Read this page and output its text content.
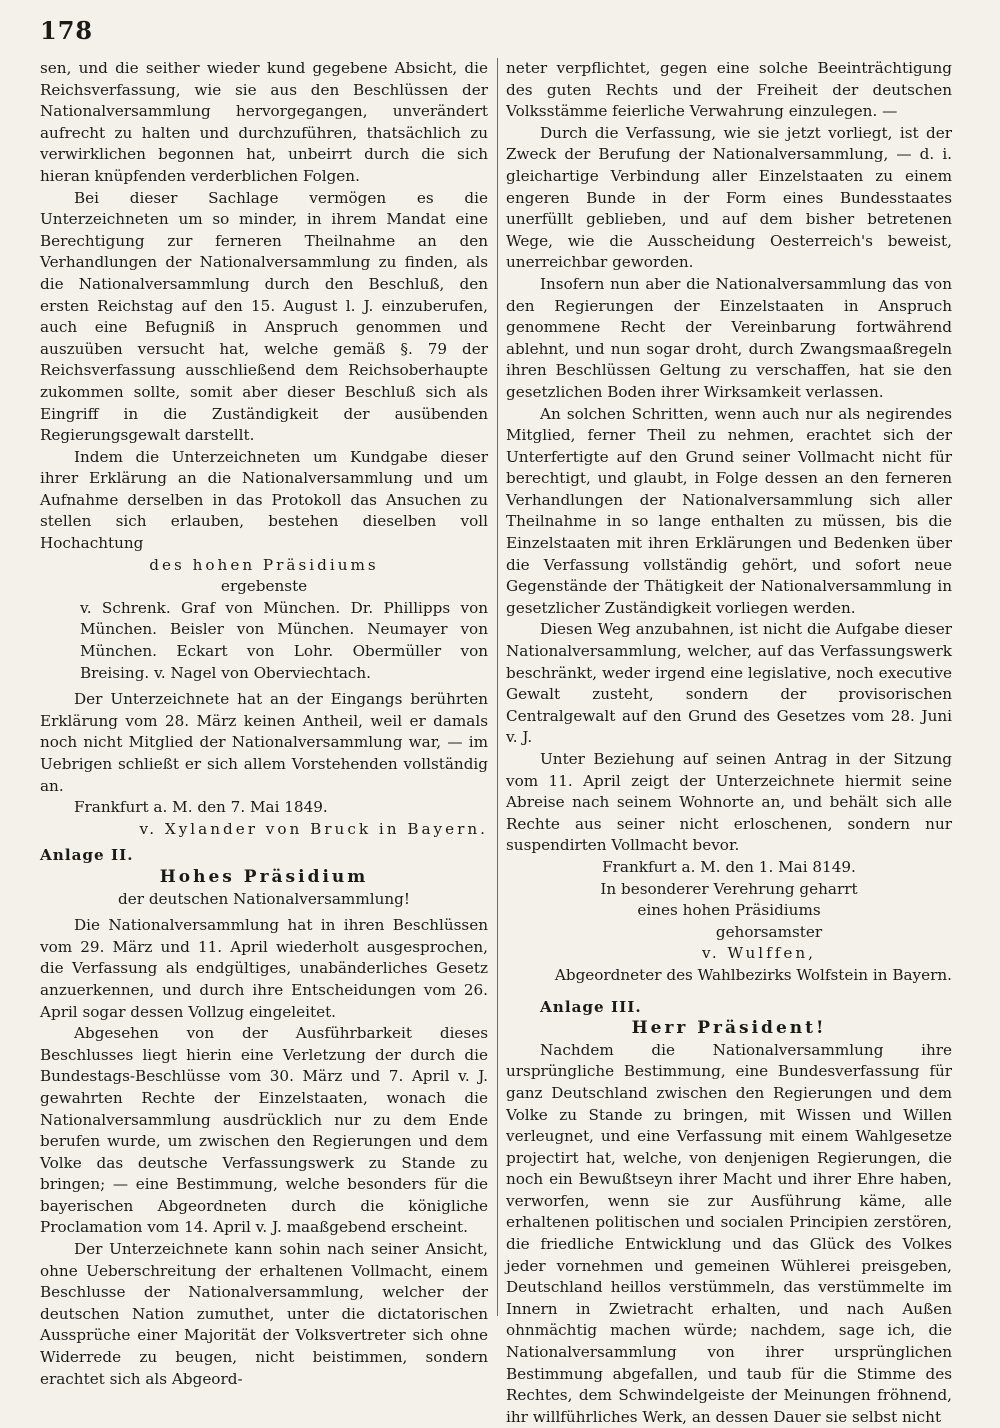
178

sen, und die seither wieder kund gegebene Absicht, die Reichsverfassung, wie sie aus den Beschlüssen der Nationalversammlung hervorgegangen, unverändert aufrecht zu halten und durchzuführen, thatsächlich zu verwirklichen begonnen hat, unbeirrt durch die sich hieran knüpfenden verderblichen Folgen.

Bei dieser Sachlage vermögen es die Unterzeichneten um so minder, in ihrem Mandat eine Berechtigung zur ferneren Theilnahme an den Verhandlungen der Nationalversammlung zu finden, als die Nationalversammlung durch den Beschluß, den ersten Reichstag auf den 15. August l. J. einzuberufen, auch eine Befugniß in Anspruch genommen und auszuüben versucht hat, welche gemäß §. 79 der Reichsverfassung ausschließend dem Reichsoberhaupte zukommen sollte, somit aber dieser Beschluß sich als Eingriff in die Zuständigkeit der ausübenden Regierungsgewalt darstellt.

Indem die Unterzeichneten um Kundgabe dieser ihrer Erklärung an die Nationalversammlung und um Aufnahme derselben in das Protokoll das Ansuchen zu stellen sich erlauben, bestehen dieselben voll Hochachtung

des hohen Präsidiums

ergebenste

v. Schrenk. Graf von München. Dr. Phillipps von München. Beisler von München. Neumayer von München. Eckart von Lohr. Obermüller von Breising. v. Nagel von Oberviechtach.

Der Unterzeichnete hat an der Eingangs berührten Erklärung vom 28. März keinen Antheil, weil er damals noch nicht Mitglied der Nationalversammlung war, — im Uebrigen schließt er sich allem Vorstehenden vollständig an.

Frankfurt a. M. den 7. Mai 1849.

v. Xylander von Bruck in Bayern.

Anlage II.

Hohes Präsidium

der deutschen Nationalversammlung!

Die Nationalversammlung hat in ihren Beschlüssen vom 29. März und 11. April wiederholt ausgesprochen, die Verfassung als endgültiges, unabänderliches Gesetz anzuerkennen, und durch ihre Entscheidungen vom 26. April sogar dessen Vollzug eingeleitet.

Abgesehen von der Ausführbarkeit dieses Beschlusses liegt hierin eine Verletzung der durch die Bundestags-Beschlüsse vom 30. März und 7. April v. J. gewahrten Rechte der Einzelstaaten, wonach die Nationalversammlung ausdrücklich nur zu dem Ende berufen wurde, um zwischen den Regierungen und dem Volke das deutsche Verfassungswerk zu Stande zu bringen; — eine Bestimmung, welche besonders für die bayerischen Abgeordneten durch die königliche Proclamation vom 14. April v. J. maaßgebend erscheint.

Der Unterzeichnete kann sohin nach seiner Ansicht, ohne Ueberschreitung der erhaltenen Vollmacht, einem Beschlusse der Nationalversammlung, welcher der deutschen Nation zumuthet, unter die dictatorischen Aussprüche einer Majorität der Volksvertreter sich ohne Widerrede zu beugen, nicht beistimmen, sondern erachtet sich als Abgeord-

neter verpflichtet, gegen eine solche Beeinträchtigung des guten Rechts und der Freiheit der deutschen Volksstämme feierliche Verwahrung einzulegen. —

Durch die Verfassung, wie sie jetzt vorliegt, ist der Zweck der Berufung der Nationalversammlung, — d. i. gleichartige Verbindung aller Einzelstaaten zu einem engeren Bunde in der Form eines Bundesstaates unerfüllt geblieben, und auf dem bisher betretenen Wege, wie die Ausscheidung Oesterreich's beweist, unerreichbar geworden.

Insofern nun aber die Nationalversammlung das von den Regierungen der Einzelstaaten in Anspruch genommene Recht der Vereinbarung fortwährend ablehnt, und nun sogar droht, durch Zwangsmaaßregeln ihren Beschlüssen Geltung zu verschaffen, hat sie den gesetzlichen Boden ihrer Wirksamkeit verlassen.

An solchen Schritten, wenn auch nur als negirendes Mitglied, ferner Theil zu nehmen, erachtet sich der Unterfertigte auf den Grund seiner Vollmacht nicht für berechtigt, und glaubt, in Folge dessen an den ferneren Verhandlungen der Nationalversammlung sich aller Theilnahme in so lange enthalten zu müssen, bis die Einzelstaaten mit ihren Erklärungen und Bedenken über die Verfassung vollständig gehört, und sofort neue Gegenstände der Thätigkeit der Nationalversammlung in gesetzlicher Zuständigkeit vorliegen werden.

Diesen Weg anzubahnen, ist nicht die Aufgabe dieser Nationalversammlung, welcher, auf das Verfassungswerk beschränkt, weder irgend eine legislative, noch executive Gewalt zusteht, sondern der provisorischen Centralgewalt auf den Grund des Gesetzes vom 28. Juni v. J.

Unter Beziehung auf seinen Antrag in der Sitzung vom 11. April zeigt der Unterzeichnete hiermit seine Abreise nach seinem Wohnorte an, und behält sich alle Rechte aus seiner nicht erloschenen, sondern nur suspendirten Vollmacht bevor.

Frankfurt a. M. den 1. Mai 8149.

In besonderer Verehrung geharrt

eines hohen Präsidiums

gehorsamster

v. Wulffen,

Abgeordneter des Wahlbezirks Wolfstein in Bayern.

Anlage III.

Herr Präsident!

Nachdem die Nationalversammlung ihre ursprüngliche Bestimmung, eine Bundesverfassung für ganz Deutschland zwischen den Regierungen und dem Volke zu Stande zu bringen, mit Wissen und Willen verleugnet, und eine Verfassung mit einem Wahlgesetze projectirt hat, welche, von denjenigen Regierungen, die noch ein Bewußtseyn ihrer Macht und ihrer Ehre haben, verworfen, wenn sie zur Ausführung käme, alle erhaltenen politischen und socialen Principien zerstören, die friedliche Entwicklung und das Glück des Volkes jeder vornehmen und gemeinen Wühlerei preisgeben, Deutschland heillos verstümmeln, das verstümmelte im Innern in Zwietracht erhalten, und nach Außen ohnmächtig machen würde; nachdem, sage ich, die Nationalversammlung von ihrer ursprünglichen Bestimmung abgefallen, und taub für die Stimme des Rechtes, dem Schwindelgeiste der Meinungen fröhnend, ihr willführliches Werk, an dessen Dauer sie selbst nicht
